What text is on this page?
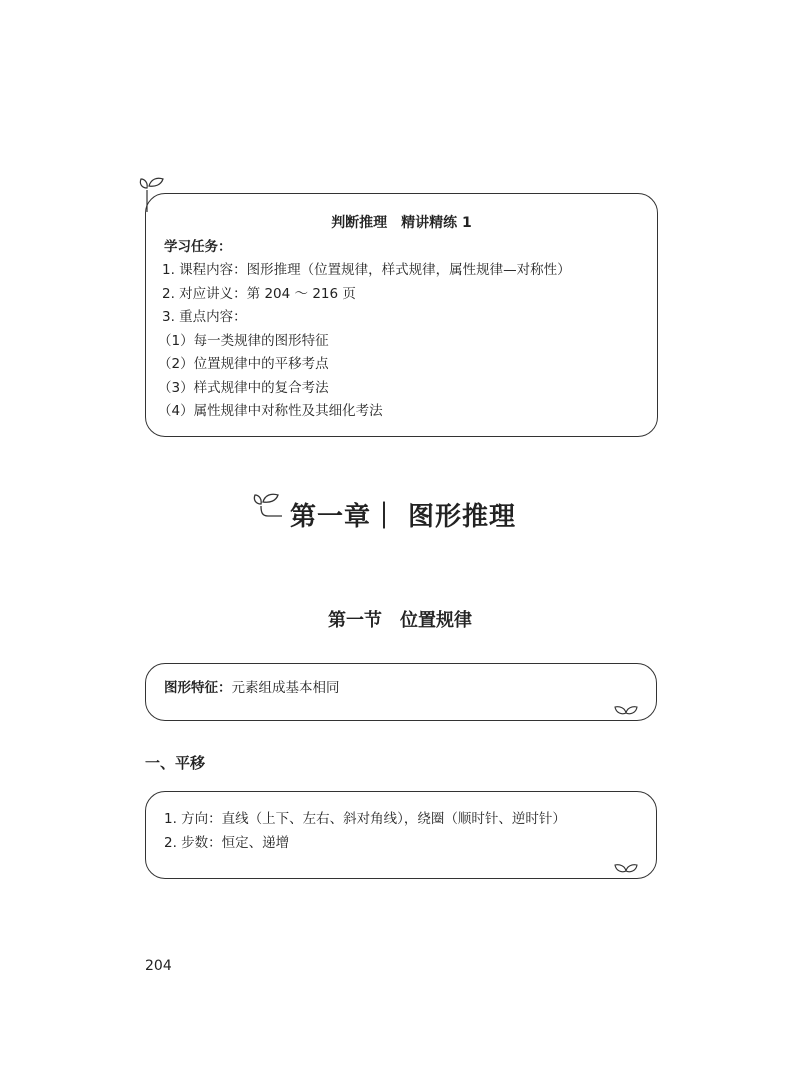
判断推理　精讲精练 1
学习任务：
1. 课程内容：图形推理（位置规律，样式规律，属性规律—对称性）
2. 对应讲义：第 204 ～ 216 页
3. 重点内容：
（1）每一类规律的图形特征
（2）位置规律中的平移考点
（3）样式规律中的复合考法
（4）属性规律中对称性及其细化考法
第一章｜ 图形推理
第一节　位置规律
图形特征：元素组成基本相同
一、平移
1. 方向：直线（上下、左右、斜对角线），绕圈（顺时针、逆时针）
2. 步数：恒定、递增
204
